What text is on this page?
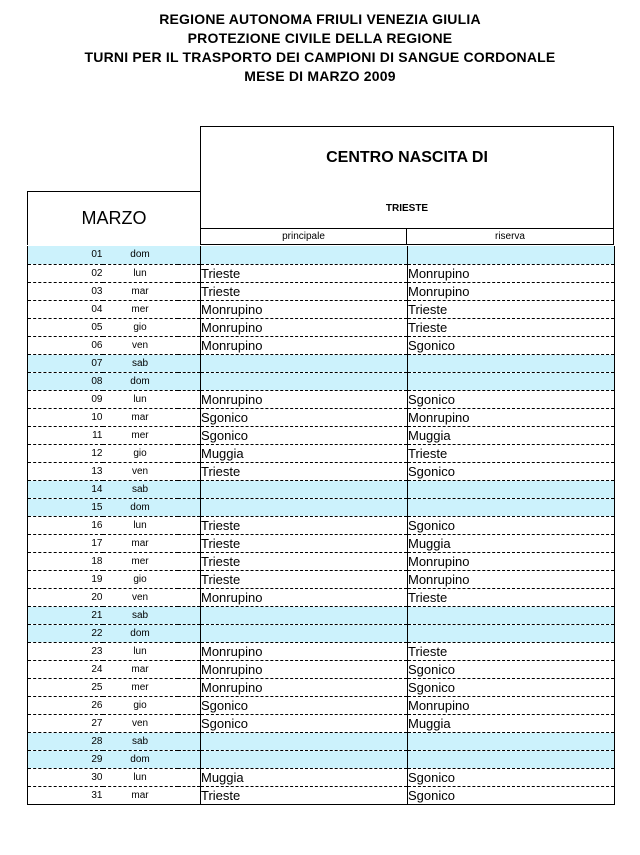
REGIONE AUTONOMA FRIULI VENEZIA GIULIA
PROTEZIONE CIVILE DELLA REGIONE
TURNI PER IL TRASPORTO DEI CAMPIONI DI SANGUE CORDONALE
MESE DI MARZO 2009
CENTRO NASCITA DI
TRIESTE
MARZO
principale	riserva
01	dom			
02	lun		Trieste	Monrupino
03	mar		Trieste	Monrupino
04	mer		Monrupino	Trieste
05	gio		Monrupino	Trieste
06	ven		Monrupino	Sgonico
07	sab			
08	dom			
09	lun		Monrupino	Sgonico
10	mar		Sgonico	Monrupino
11	mer		Sgonico	Muggia
12	gio		Muggia	Trieste
13	ven		Trieste	Sgonico
14	sab			
15	dom			
16	lun		Trieste	Sgonico
17	mar		Trieste	Muggia
18	mer		Trieste	Monrupino
19	gio		Trieste	Monrupino
20	ven		Monrupino	Trieste
21	sab			
22	dom			
23	lun		Monrupino	Trieste
24	mar		Monrupino	Sgonico
25	mer		Monrupino	Sgonico
26	gio		Sgonico	Monrupino
27	ven		Sgonico	Muggia
28	sab			
29	dom			
30	lun		Muggia	Sgonico
31	mar		Trieste	Sgonico
